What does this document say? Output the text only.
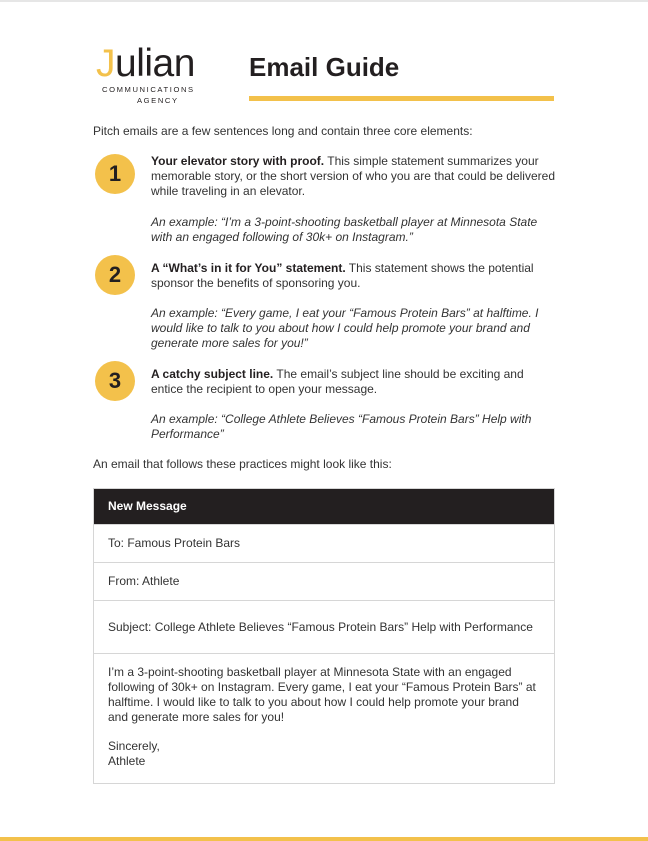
Julian
COMMUNICATIONS
AGENCY
Email Guide
Pitch emails are a few sentences long and contain three core elements:
1	Your elevator story with proof. This simple statement summarizes your memorable story, or the short version of who you are that could be delivered while traveling in an elevator.
An example: “I’m a 3-point-shooting basketball player at Minnesota State with an engaged following of 30k+ on Instagram.”
2	A “What’s in it for You” statement. This statement shows the potential sponsor the benefits of sponsoring you.
An example: “Every game, I eat your “Famous Protein Bars” at halftime. I would like to talk to you about how I could help promote your brand and generate more sales for you!”
3	A catchy subject line. The email’s subject line should be exciting and entice the recipient to open your message.
An example: “College Athlete Believes “Famous Protein Bars” Help with Performance”
An email that follows these practices might look like this:
New Message
To: Famous Protein Bars
From: Athlete
Subject: College Athlete Believes “Famous Protein Bars” Help with Performance

I’m a 3-point-shooting basketball player at Minnesota State with an engaged following of 30k+ on Instagram. Every game, I eat your “Famous Protein Bars” at halftime. I would like to talk to you about how I could help promote your brand and generate more sales for you!

Sincerely,

Athlete
